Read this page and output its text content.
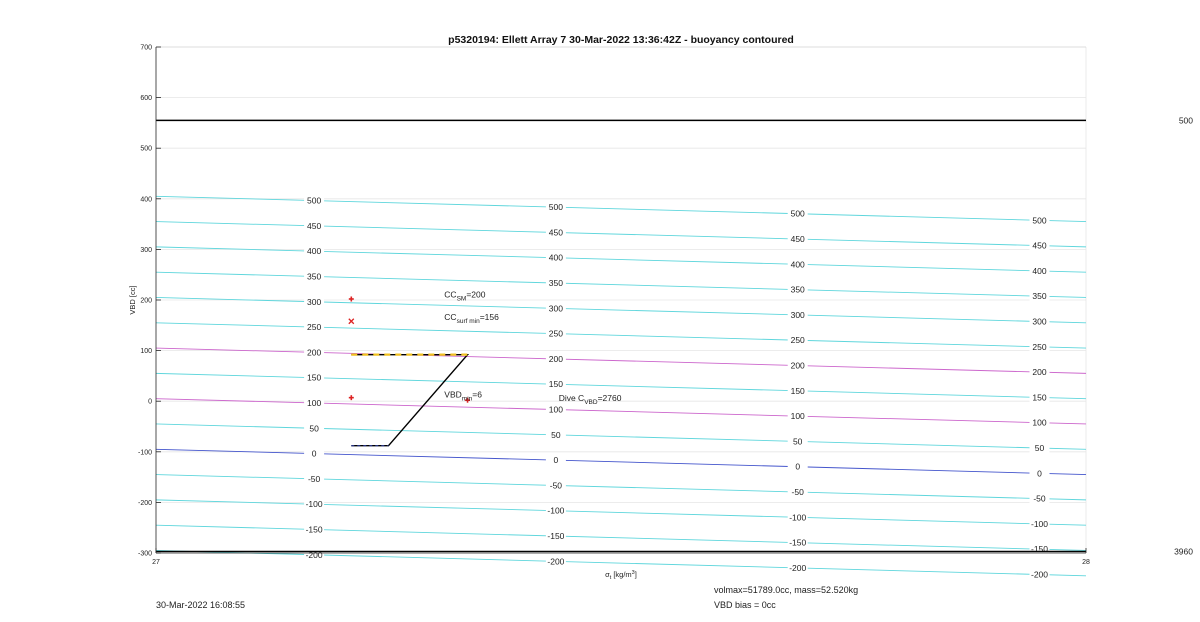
p5320194: Ellett Array 7 30-Mar-2022 13:36:42Z - buoyancy contoured
500
500
500
500
450
450
450
450
400
400
400
400
350
350
350
350
300
300
300
300
250
250
250
250
200
200
200
200
150
150
150
150
100
100
100
100
50
50
50
50
0
0
0
0
-50
-50
-50
-50
-100
-100
-100
-100
-150
-150
-150
-150
-200
-200
-200
-200
500
3960
$CC_{SM}=200$
$CC_{surf min}=156$
$VBD_{min}=6$	Dive $C_{VBD}=2760$
700
600
500
400
300
200
100
0
-100
-200
-300
27	28
VBD [cc]
$\sigma_t$ $[kg/m^3]$
30-Mar-2022 16:08:55
volmax=51789.0cc, mass=52.520kg
VBD bias = 0cc
